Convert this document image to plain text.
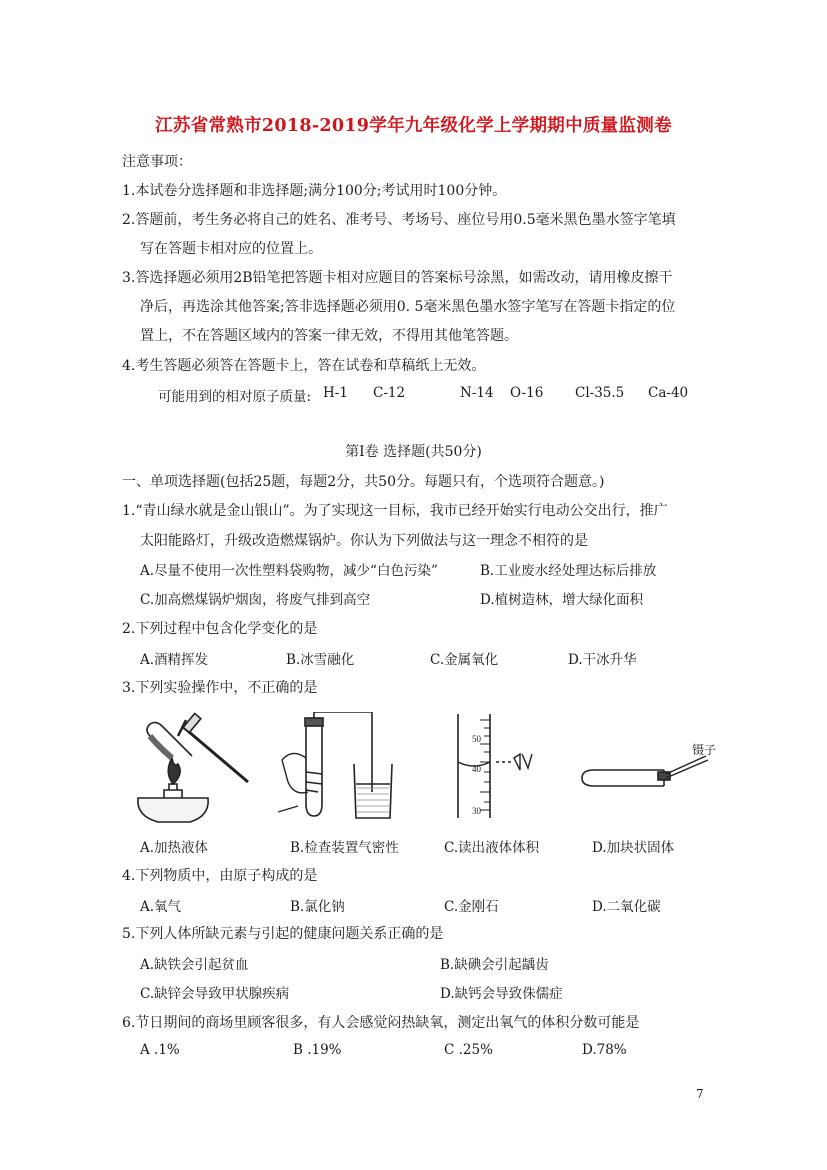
江苏省常熟市2018-2019学年九年级化学上学期期中质量监测卷
注意事项：
1.本试卷分选择题和非选择题;满分100分;考试用时100分钟。
2.答题前，考生务必将自己的姓名、准考号、考场号、座位号用0.5毫米黑色墨水签字笔填
写在答题卡相对应的位置上。
3.答选择题必须用2B铅笔把答题卡相对应题目的答案标号涂黑，如需改动，请用橡皮擦干
净后，再选涂其他答案;答非选择题必须用0. 5毫米黑色墨水签字笔写在答题卡指定的位
置上，不在答题区域内的答案一律无效，不得用其他笔答题。
4.考生答题必须答在答题卡上，答在试卷和草稿纸上无效。
可能用到的相对原子质量: H-1 C-12	N-14 O-16 Cl-35.5 Ca-40
第Ⅰ卷 选择题(共50分)
一、单项选择题(包括25题，每题2分，共50分。每题只有，个选项符合题意。)
1.“青山绿水就是金山银山”。为了实现这一目标，我市已经开始实行电动公交出行，推广
太阳能路灯，升级改造燃煤锅炉。你认为下列做法与这一理念不相符的是
A.尽量不使用一次性塑料袋购物，减少“白色污染”	B.工业废水经处理达标后排放
C.加高燃煤锅炉烟囱，将废气排到高空	D.植树造林，增大绿化面积
2.下列过程中包含化学变化的是
A.酒精挥发	B.冰雪融化	C.金属氧化	D.干冰升华
3.下列实验操作中，不正确的是
50
40
30
镊子
A.加热液体	B.检查装置气密性	C.读出液体体积	D.加块状固体
4.下列物质中，由原子构成的是
A.氧气	B.氯化钠	C.金刚石	D.二氧化碳
5.下列人体所缺元素与引起的健康问题关系正确的是
A.缺铁会引起贫血	B.缺碘会引起龋齿
C.缺锌会导致甲状腺疾病	D.缺钙会导致侏儒症
6.节日期间的商场里顾客很多，有人会感觉闷热缺氧，测定出氧气的体积分数可能是
A .1%	B .19%	C .25%	D.78%
7
